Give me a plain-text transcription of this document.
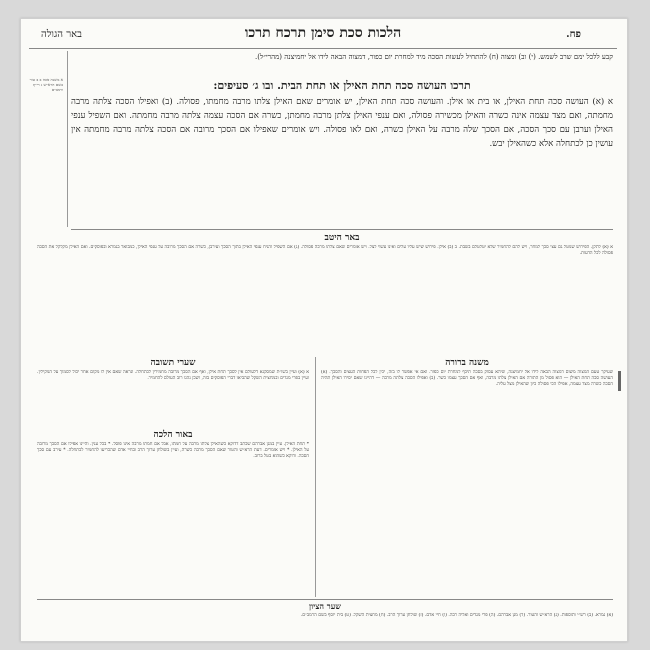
הלכות סכת סימן תרכח תרכו	פח.
באר הגולה
א משנה סכה ב ב טור בשם הרא״ש ג רי״ף ורמב״ם
קבע ללכל ימם שרב לשמש. (י) וב) ומצוה (ח) להתחיל לעשות הסכה מיד למחרת יום כפור, דמצוה הבאה לידו אל יחמיצנה (מהרי״ל).
תרכו העושה סכה תחת האילן או תחת הבית. ובו ג׳ סעיפים:
א (א) העושה סכה תחת האילן, או בית או אילן. והעושה סכה תחת האילן, יש אומרים שאם האילן צלתו מרבה מחמתו, פסולה. (ב) ואפילו הסכה צלתה מרבה מחמתה, ואם מצד עצמה אינה כשרה והאילן מכשירה פסולה, ואם ענפי האילן צלתן מרבה מחמתן, כשרה אם הסכה עצמה צלתה מרבה מחמתה. ואם השפיל ענפי האילן וערבן עם סכך הסכה, אם הסכך שלה מרבה על האילן כשרה, ואם לאו פסולה. ויש אומרים שאפילו אם הסכך מרובה אם הסכה צלתה מרבה מחמתה אין עושין כן לכתחלה אלא כשהאילן יבש.
באר היטב
א (א) לתקן. הפירוש שנוטל גם עצי סכך למחר, ויש להם להחמיר שלא יטלטלם בשבת. ב (ב) אילן. פירוש שיש עליו עלים ואינו עשוי לצל. ויש אומרים שאם צלתו מרבה פסולה. (ג) אם השפיל והניח ענפי האילן בתוך הסכך ועירבן, כשרה אם הסכך מרובה על ענפי האילן, כמבואר בגמרא ובפוסקים. ואם האילן מקלקל את הסכה פסולה לכל הדעות.
שערי תשובה
א (א) ועיין בשו״ת שמסקנא דלעולם אין לסכך תחת אילן, ואף אם הסכך מרובה מחמירין לכתחלה. ונראה שאם אין לו מקום אחר יכול לסמוך על המקילין. ועיין בפרי מגדים ובמחצית השקל שהביאו דברי הפוסקים בזה, ושכן נהגו רוב העולם להחמיר.
משנה ברורה
שעיקר טעם המצוה משום דמצוה הבאה לידו אל יחמיצנה, שיהא עסוק בסכה תיכף למחרת יום כפור. ואם אי אפשר לו בזה, יכין לכל הפחות העצים והסכך. (א) העושה סכה תחת האילן — הוא פסול מן התורה אם האילן צלתו מרבה, ואף אם הסכך עצמו כשר. (ב) ואפילו הסכה צלתה מרבה — דהיינו שאם יסירו האילן תהיה הסכה כשרה מצד עצמה, אפילו הכי פסולה כיון שהאילן מצל עליה.
באור הלכה
* תחת האילן. עיין במגן אברהם שכתב דדוקא כשהאילן צלתו מרבה על חמתו, אבל אם חמתו מרבה אינו פוסל. * בכל ענין. והיינו אפילו אם הסכך מרובה על האילן. * ויש אומרים. דעת הרא״ש והטור שאם הסכך מרבה כשרה, ועיין בשולחן ערוך הרב ובחיי אדם שהכריעו להחמיר לכתחלה. * עירב עם סכך הסכה. ודוקא כשהוא בטל ברוב.
שער הציון
(א) גמרא. (ב) רש״י ותוספות. (ג) הרא״ש והטור. (ד) מגן אברהם. (ה) פרי מגדים ואליה רבה. (ו) חיי אדם. (ז) שולחן ערוך הרב. (ח) מחצית השקל. (ט) בית יוסף בשם הרמב״ם.
